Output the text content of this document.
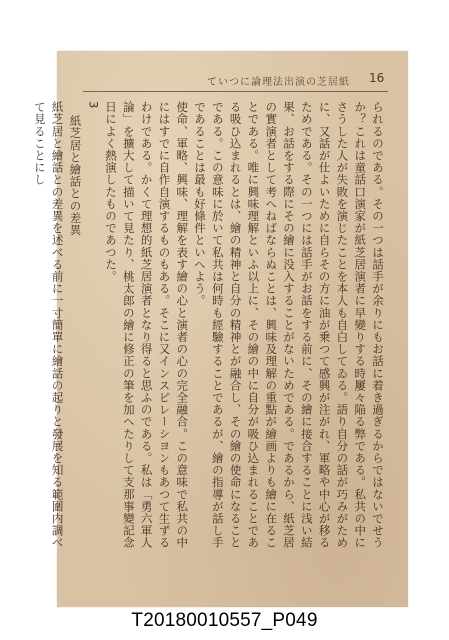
ていつに論理法出演の芝居紙 16

られるのである。その一つは話手が余りにもお話に着き過ぎるからではないでせうか？これは童話口演家が紙芝居演者に早變りする時屢々陥る弊である。私共の中にさうした人が失敗を演じたことを本人も自白してゐる。語り自分の話が巧みがために、又話が仕よいために自らその方に油が乗つて感興が注がれ、軍略や中心が移るためである。その一つには話手がお話をする前に、その繪に接合することに浅い結果、お話をする際にその繪に没入することがないためである。であるから、紙芝居の實演者として考へねばならぬことは、興味及理解の重點が繪画よりも繪に在ることである。唯に興味理解といふ以上に、その繪の中に自分が吸ひ込まれることである吸ひ込まれるとは、繪の精神と自分の精神とが融合し、その繪の使命になることである。この意味に於いて私共は何時も經驗することであるが、繪の指導が話し手であることは最も好條件といへよう。

使命、軍略、興味、理解を表す繪の心と演者の心の完全融合。この意味で私共の中にはすでに自作自演するものもある。そこに又インスピレーシヨンもあつて生ずるわけである。かくて理想的紙芝居演者となり得ると思ふのである。私は「勇六軍人論」を擴大して描いて見たり、桃太郎の繪に修正の筆を加へたりして支那事變記念日によく熱演したものであつた。

3

紙芝居と繪話との差異

紙芝居と繪話との差異を述べる前に一寸簡單に繪話の起りと發展を知る範圍内調べて見ることにし

T20180010557_P049
